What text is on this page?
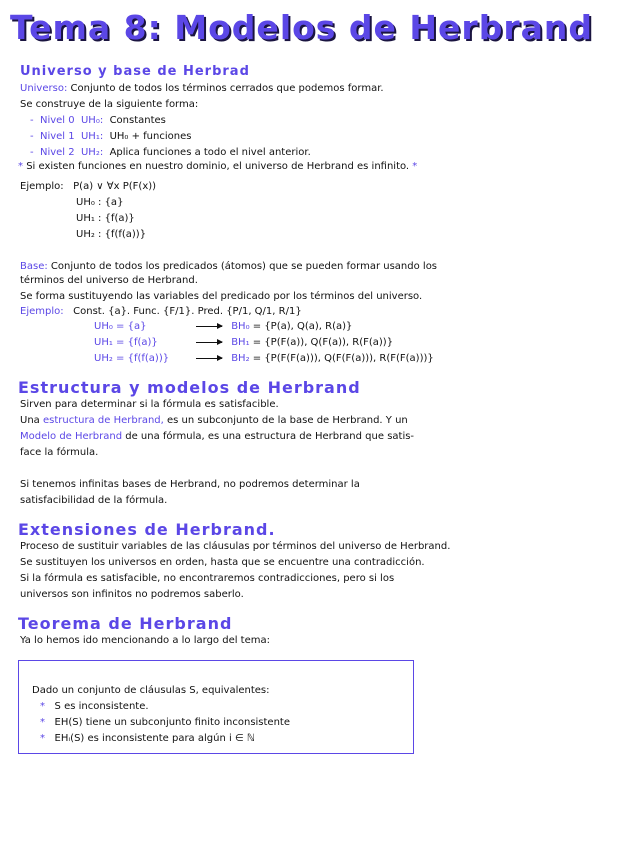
Tema 8: Modelos de Herbrand
Universo y base de Herbrad
Universo: Conjunto de todos los términos cerrados que podemos formar.
Se construye de la siguiente forma:
- Nivel 0 UH₀: Constantes
- Nivel 1 UH₁: UH₀ + funciones
- Nivel 2 UH₂: Aplica funciones a todo el nivel anterior.
* Si existen funciones en nuestro dominio, el universo de Herbrand es infinito. *
Ejemplo: P(a) ∨ ∀x P(F(x))
UH₀ : {a}
UH₁ : {f(a)}
UH₂ : {f(f(a))}
Base: Conjunto de todos los predicados (átomos) que se pueden formar usando los
términos del universo de Herbrand.
Se forma sustituyendo las variables del predicado por los términos del universo.
Ejemplo: Const. {a}. Func. {F/1}. Pred. {P/1, Q/1, R/1}
UH₀ = {a}	BH₀ = {P(a), Q(a), R(a)}
UH₁ = {f(a)}	BH₁ = {P(F(a)), Q(F(a)), R(F(a))}
UH₂ = {f(f(a))}	BH₂ = {P(F(F(a))), Q(F(F(a))), R(F(F(a)))}
Estructura y modelos de Herbrand
Sirven para determinar si la fórmula es satisfacible.
Una estructura de Herbrand, es un subconjunto de la base de Herbrand. Y un
Modelo de Herbrand de una fórmula, es una estructura de Herbrand que satis-
face la fórmula.
Si tenemos infinitas bases de Herbrand, no podremos determinar la
satisfacibilidad de la fórmula.
Extensiones de Herbrand.
Proceso de sustituir variables de las cláusulas por términos del universo de Herbrand.
Se sustituyen los universos en orden, hasta que se encuentre una contradicción.
Si la fórmula es satisfacible, no encontraremos contradicciones, pero si los
universos son infinitos no podremos saberlo.
Teorema de Herbrand
Ya lo hemos ido mencionando a lo largo del tema:
Dado un conjunto de cláusulas S, equivalentes:
* S es inconsistente.
* EH(S) tiene un subconjunto finito inconsistente
* EHᵢ(S) es inconsistente para algún i ∈ ℕ
